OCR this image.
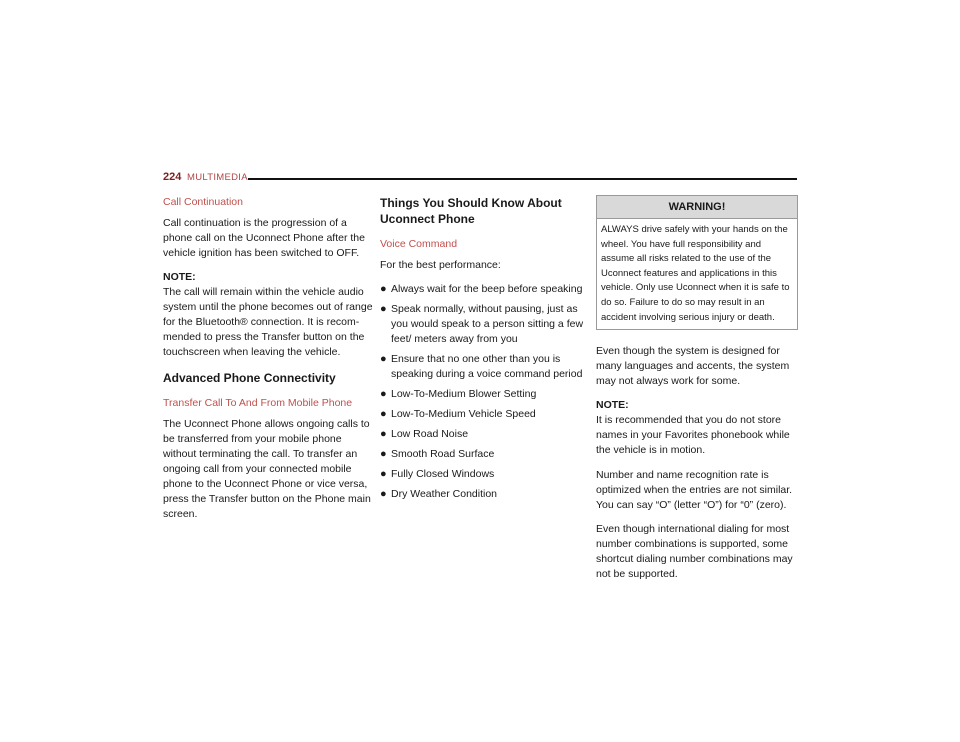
224 MULTIMEDIA
Call Continuation

Call continuation is the progression of a phone call on the Uconnect Phone after the vehicle ignition has been switched to OFF.

NOTE:

The call will remain within the vehicle audio system until the phone becomes out of range for the Bluetooth® connection. It is recom-mended to press the Transfer button on the touchscreen when leaving the vehicle.

Advanced Phone Connectivity
Transfer Call To And From Mobile Phone

The Uconnect Phone allows ongoing calls to be transferred from your mobile phone without terminating the call. To transfer an ongoing call from your connected mobile phone to the Uconnect Phone or vice versa, press the Transfer button on the Phone main screen.

Things You Should Know About Uconnect Phone
Voice Command

For the best performance:

● Always wait for the beep before speaking
● Speak normally, without pausing, just as you would speak to a person sitting a few feet/ meters away from you
● Ensure that no one other than you is speaking during a voice command period
● Low-To-Medium Blower Setting
● Low-To-Medium Vehicle Speed
● Low Road Noise
● Smooth Road Surface
● Fully Closed Windows
● Dry Weather Condition
WARNING!
ALWAYS drive safely with your hands on the wheel. You have full responsibility and assume all risks related to the use of the Uconnect features and applications in this vehicle. Only use Uconnect when it is safe to do so. Failure to do so may result in an accident involving serious injury or death.

Even though the system is designed for many languages and accents, the system may not always work for some.

NOTE:

It is recommended that you do not store names in your Favorites phonebook while the vehicle is in motion.

Number and name recognition rate is optimized when the entries are not similar. You can say “O” (letter “O”) for “0” (zero).

Even though international dialing for most number combinations is supported, some shortcut dialing number combinations may not be supported.
